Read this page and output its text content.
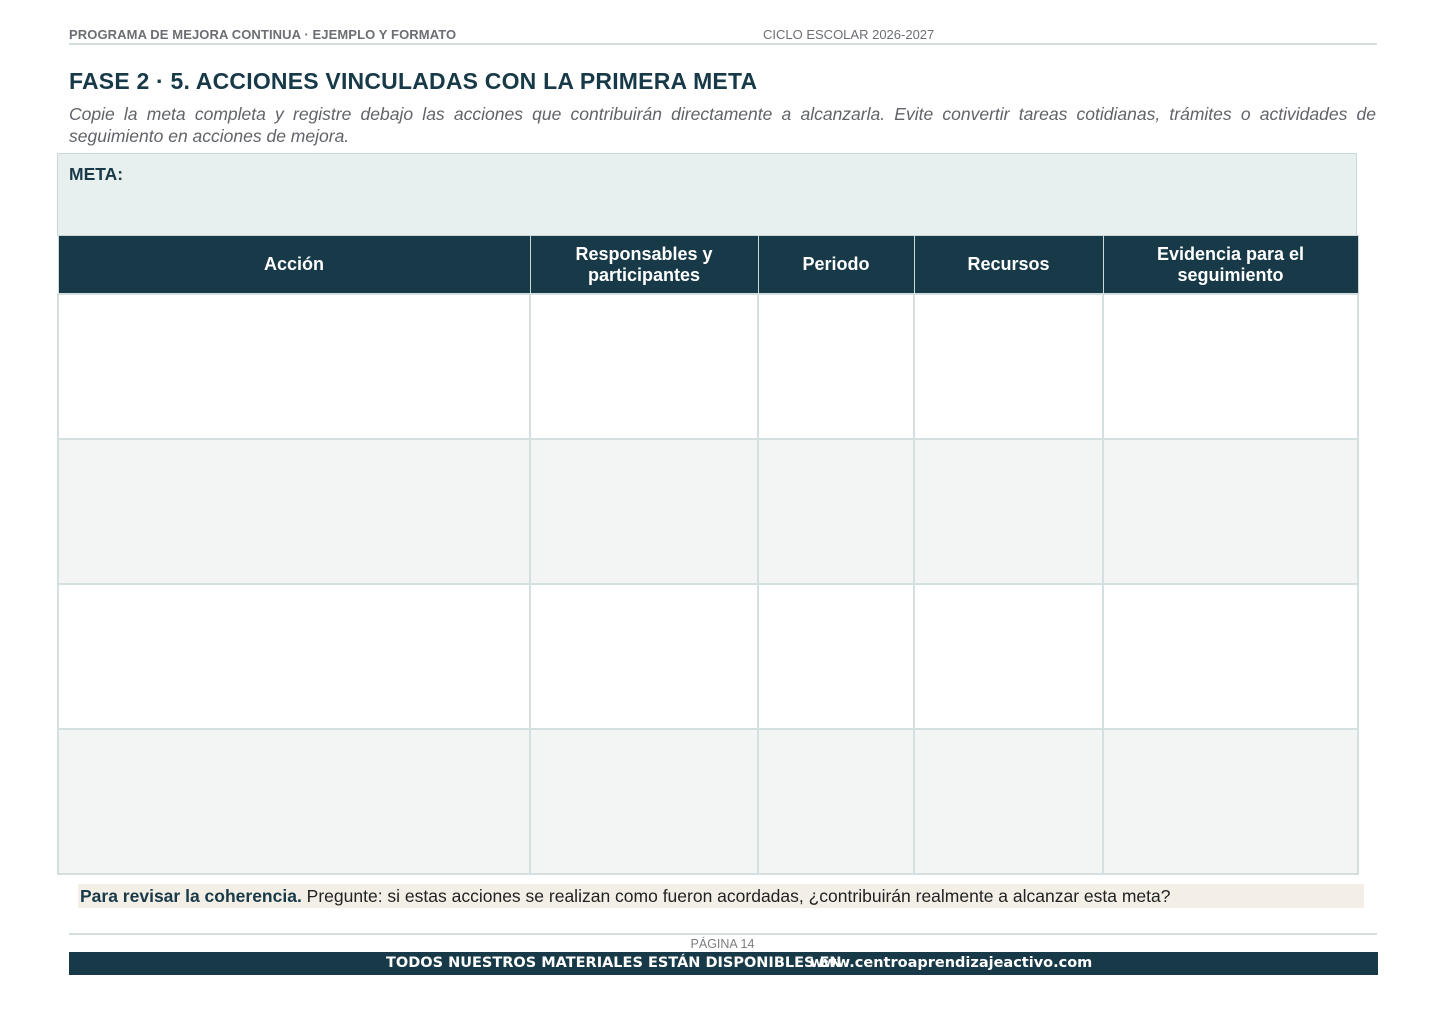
PROGRAMA DE MEJORA CONTINUA · EJEMPLO Y FORMATO	CICLO ESCOLAR 2026-2027
FASE 2 · 5. ACCIONES VINCULADAS CON LA PRIMERA META
Copie la meta completa y registre debajo las acciones que contribuirán directamente a alcanzarla. Evite convertir tareas cotidianas, trámites o actividades de seguimiento en acciones de mejora.
META:
Acción	Responsables y participantes	Periodo	Recursos	Evidencia para el seguimiento

Para revisar la coherencia. Pregunte: si estas acciones se realizan como fueron acordadas, ¿contribuirán realmente a alcanzar esta meta?
PÁGINA 14
TODOS NUESTROS MATERIALES ESTÁN DISPONIBLES EN
www.centroaprendizajeactivo.com
